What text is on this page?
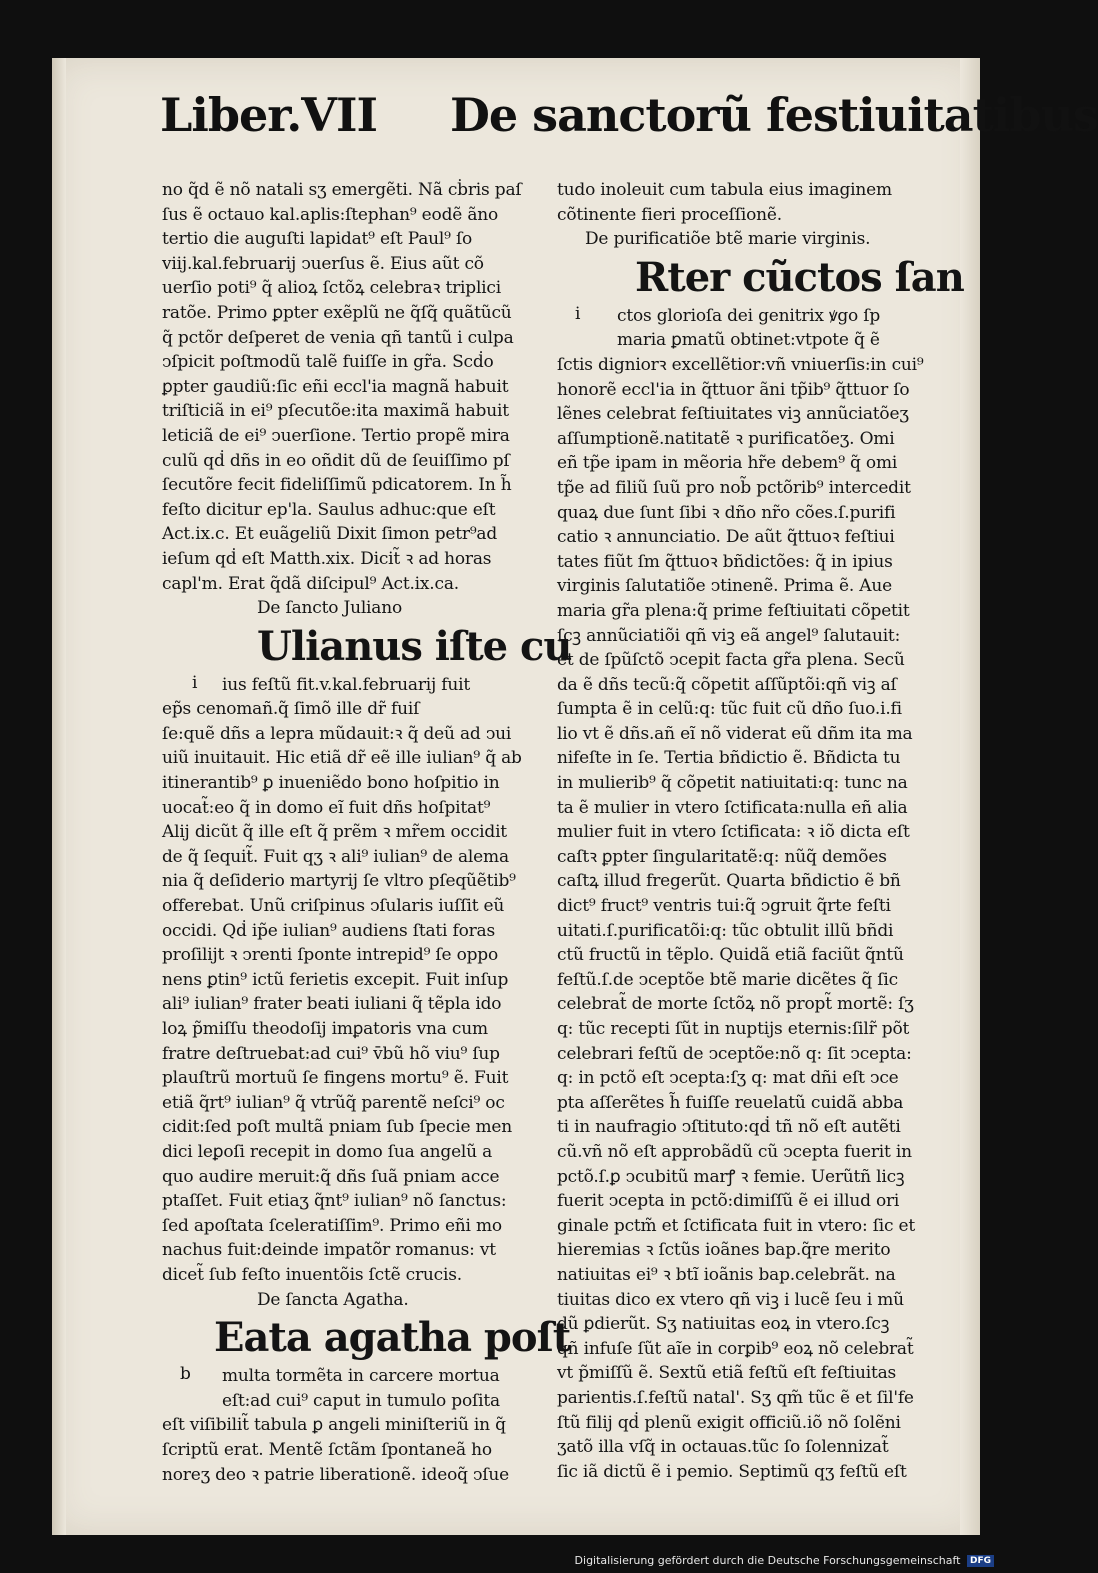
Liber.VII De sanctorũ festiuitatibus
no q̃d ẽ nõ natali sʒ emergẽti. Nã cḃris paſ
ſus ẽ octauo kal.aplis:ſtephan⁹ eodẽ ãno
tertio die auguſti lapidat⁹ eſt Paul⁹ ſo
viij.kal.februarij ↄuerſus ẽ. Eius aũt cõ
uerſio poti⁹ q̃ alioꝝ ſctõꝝ celebraꝛ triplici
ratõe. Primo ꝑpter exẽplũ ne q̃ſq̃ quãtũcũ
q̃ pctõr deſperet de venia qñ tantũ i culpa
ↄſpicit poſtmodũ talẽ fuiſſe in gr̃a. Scḋo
ꝑpter gaudiũ:ſic eñi eccl'ia magnã habuit
triſticiã in ei⁹ pſecutõe:ita maximã habuit
leticiã de ei⁹ ↄuerſione. Tertio propẽ mira
culũ qḋ dñs in eo oñdit dũ de ſeuiſſimo pſ
ſecutõre fecit fideliſſimũ pdicatorem. In h̃
feſto dicitur ep'la. Saulus adhuc:que eſt
Act.ix.c. Et euãgeliũ Dixit ſimon petr⁹ad
ieſum qḋ eſt Matth.xix. Dicit̃ ꝛ ad horas
capl'm. Erat q̃dã diſcipul⁹ Act.ix.ca.
De ſancto Juliano
Ulianus iſte cu
i	ius feſtũ fit.v.kal.februarij fuit
ep̃s cenomañ.q̃ ſimõ ille dr̃ fuiſ
ſe:quẽ dñs a lepra mũdauit:ꝛ q̃ deũ ad ↄui
uiũ inuitauit. Hic etiã dr̃ eẽ ille iulian⁹ q̃ ab
itinerantib⁹ ꝑ inueniẽdo bono hoſpitio in
uocat̃:eo q̃ in domo eĩ fuit dñs hoſpitat⁹
Alij dicũt q̃ ille eſt q̃ prẽm ꝛ mr̃em occidit
de q̃ ſequit̃. Fuit qʒ ꝛ ali⁹ iulian⁹ de alema
nia q̃ deſiderio martyrij ſe vltro pſeqũẽtib⁹
offerebat. Unũ criſpinus ↄſularis iuſſit eũ
occidi. Qḋ ip̃e iulian⁹ audiens ſtati foras
proſilijt ꝛ ↄrenti ſponte intrepid⁹ ſe oppo
nens ꝑtin⁹ ictũ ferietis excepit. Fuit inſup
ali⁹ iulian⁹ frater beati iuliani q̃ tẽpla ido
loꝝ p̃miſſu theodoſij imꝑatoris vna cum
fratre deſtruebat:ad cui⁹ v̄bũ hõ viu⁹ ſup
plauſtrũ mortuũ ſe fingens mortu⁹ ẽ. Fuit
etiã q̃rt⁹ iulian⁹ q̃ vtrũq̃ parentẽ neſci⁹ oc
cidit:ſed poſt multã pniam ſub ſpecie men
dici leꝑoſi recepit in domo ſua angelũ a
quo audire meruit:q̃ dñs ſuã pniam acce
ptaſſet. Fuit etiaʒ q̃nt⁹ iulian⁹ nõ ſanctus:
ſed apoſtata ſceleratiſſim⁹. Primo eñi mo
nachus fuit:deinde impatõr romanus: vt
dicet̃ ſub feſto inuentõis ſctẽ crucis.
De ſancta Agatha.
Eata agatha poſt
b	multa tormẽta in carcere mortua
eſt:ad cui⁹ caput in tumulo poſita
eſt viſibilit̃ tabula ꝑ angeli miniſteriũ in q̃
ſcriptũ erat. Mentẽ ſctãm ſpontaneã ho
noreʒ deo ꝛ patrie liberationẽ. ideoq̃ ↄſue
tudo inoleuit cum tabula eius imaginem
cõtinente fieri proceſſionẽ.
De purificatiõe btẽ marie virginis.
Rter cũctos ſan
i	ctos glorioſa dei genitrix ꝟgo ſp
maria ꝑmatũ obtinet:vtpote q̃ ẽ
ſctis digniorꝛ excellẽtior:vñ vniuerſis:in cui⁹
honorẽ eccl'ia in q̃ttuor ãni tp̃ib⁹ q̃ttuor ſo
lẽnes celebrat feſtiuitates viꝫ annũciatõeʒ
aſſumptionẽ.natitatẽ ꝛ purificatõeʒ. Omi
eñ tp̃e ipam in mẽoria hr̃e debem⁹ q̃ omi
tp̃e ad filiũ ſuũ pro nob̃ pctõrib⁹ intercedit
quaꝝ due ſunt ſibi ꝛ dño nr̃o cões.ſ.purifi
catio ꝛ annunciatio. De aũt q̃ttuoꝛ feſtiui
tates fiũt ſm q̃ttuoꝛ bñdictões: q̃ in ipius
virginis ſalutatiõe ↄtinenẽ. Prima ẽ. Aue
maria gr̃a plena:q̃ prime feſtiuitati cõpetit
ſcꝫ annũciatiõi qñ viꝫ eã angel⁹ ſalutauit:
et de ſpũſctõ ↄcepit facta gr̃a plena. Secũ
da ẽ dñs tecũ:q̃ cõpetit aſſũptõi:qñ viꝫ aſ
ſumpta ẽ in celũ:q: tũc fuit cũ dño ſuo.i.fi
lio vt ẽ dñs.añ eĩ nõ viderat eũ dñm ita ma
nifeſte in ſe. Tertia bñdictio ẽ. Bñdicta tu
in mulierib⁹ q̃ cõpetit natiuitati:q: tunc na
ta ẽ mulier in vtero ſctificata:nulla eñ alia
mulier fuit in vtero ſctificata: ꝛ iõ dicta eſt
caſtꝛ ꝑpter ſingularitatẽ:q: nũq̃ demões
caſtꝝ illud fregerũt. Quarta bñdictio ẽ bñ
dict⁹ fruct⁹ ventris tui:q̃ ↄgruit q̃rte feſti
uitati.ſ.purificatõi:q: tũc obtulit illũ bñdi
ctũ fructũ in tẽplo. Quidã etiã faciũt q̃ntũ
feſtũ.ſ.de ↄceptõe btẽ marie dicẽtes q̃ ſic
celebrat̃ de morte ſctõꝝ nõ propt̃ mortẽ: ſʒ
q: tũc recepti ſũt in nuptijs eternis:ſilr̃ põt
celebrari feſtũ de ↄceptõe:nõ q: ſit ↄcepta:
q: in pctõ eſt ↄcepta:ſʒ q: mat dñi eſt ↄce
pta aſſerẽtes h̃ fuiſſe reuelatũ cuidã abba
ti in naufragio ↄſtituto:qḋ tñ nõ eſt autẽti
cũ.vñ nõ eſt approbãdũ cũ ↄcepta fuerit in
pctõ.ſ.ꝑ ↄcubitũ marꝭ ꝛ femie. Uerũtñ licꝫ
fuerit ↄcepta in pctõ:dimiſſũ ẽ ei illud ori
ginale pctm̃ et ſctificata fuit in vtero: ſic et
hieremias ꝛ ſctũs ioãnes bap.q̃re merito
natiuitas ei⁹ ꝛ btĩ ioãnis bap.celebrãt. na
tiuitas dico ex vtero qñ viꝫ i lucẽ ſeu i mũ
dũ ꝑdierũt. Sʒ natiuitas eoꝝ in vtero.ſcꝫ
qñ infuſe ſũt aĩe in corꝑib⁹ eoꝝ nõ celebrat̃
vt p̃miſſũ ẽ. Sextũ etiã feſtũ eſt feſtiuitas
parientis.ſ.feſtũ natal'. Sʒ qm̃ tũc ẽ et ſil'fe
ſtũ filij qḋ plenũ exigit officiũ.iõ nõ ſolẽni
ʒatõ illa vſq̃ in octauas.tũc ſo ſolennizat̃
ſic iã dictũ ẽ i pemio. Septimũ qʒ feſtũ eſt
Digitalisierung gefördert durch die Deutsche Forschungsgemeinschaft DFG
